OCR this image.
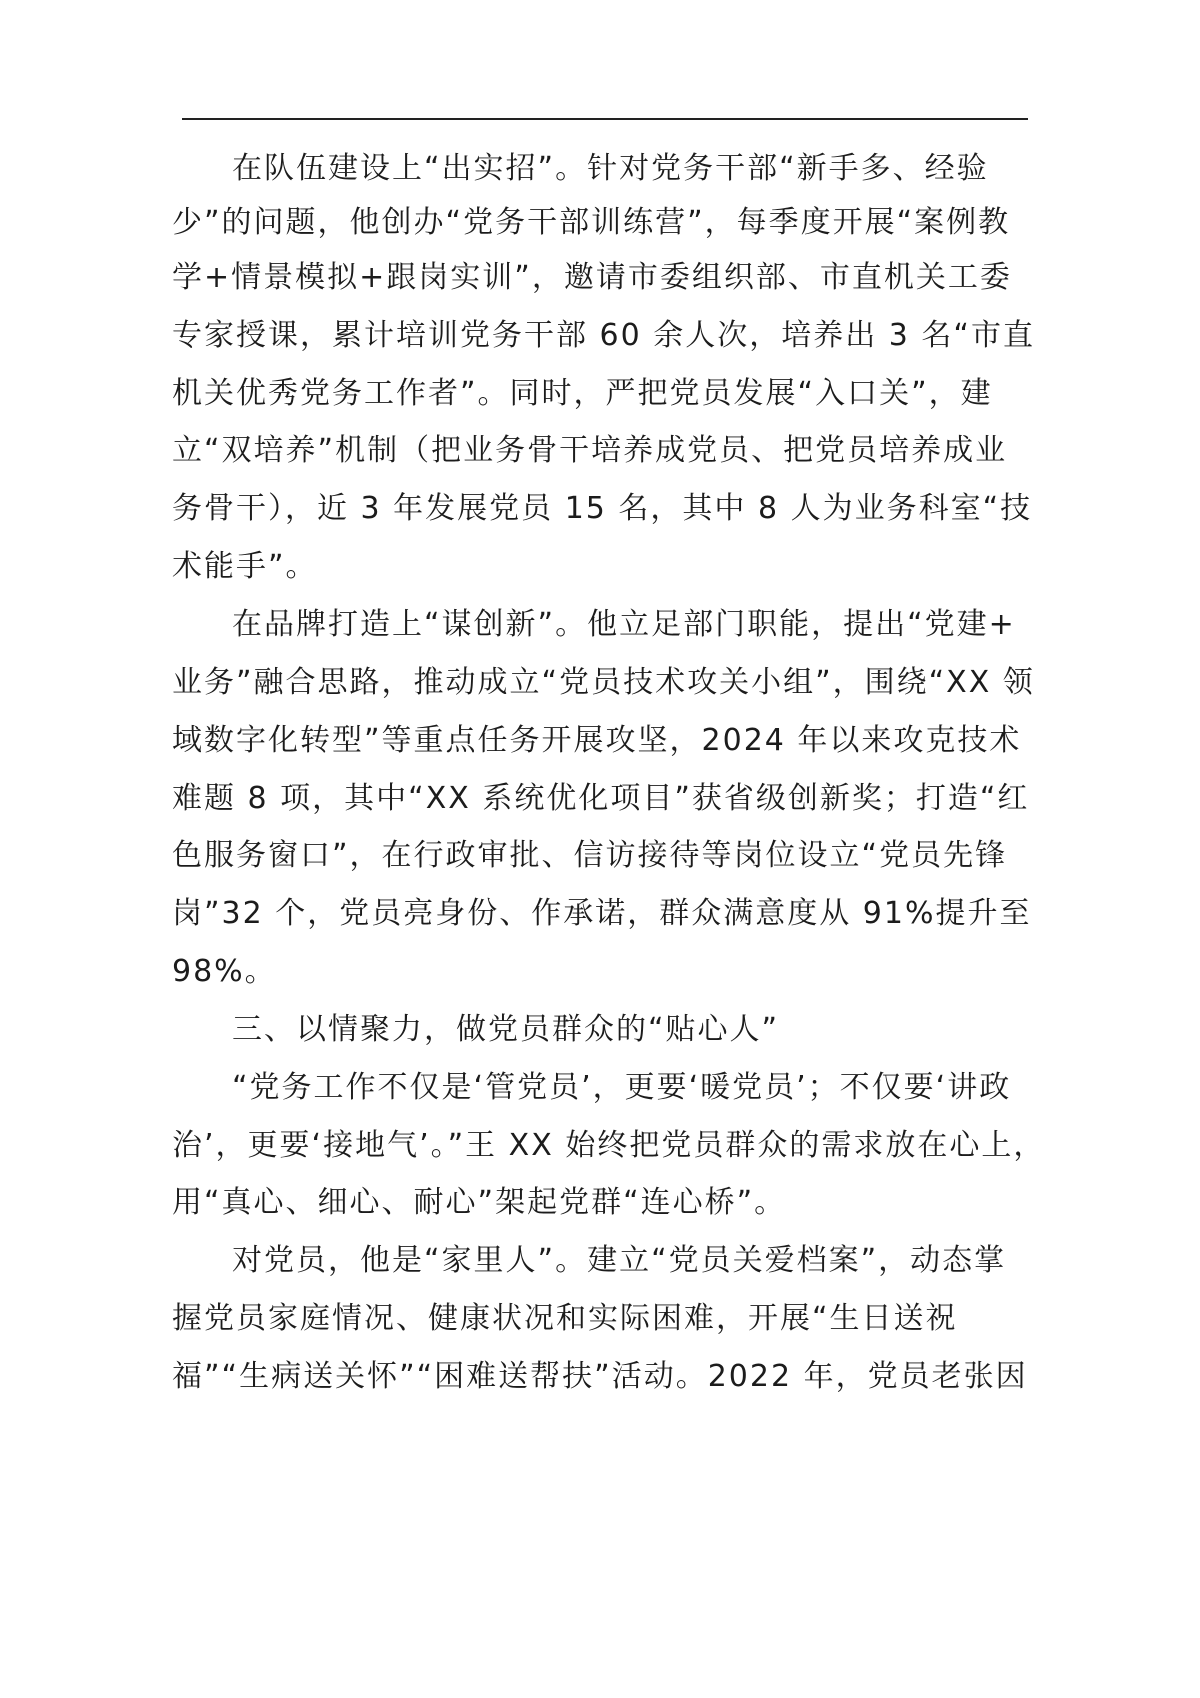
在队伍建设上“出实招”。针对党务干部“新手多、经验
少”的问题，他创办“党务干部训练营”，每季度开展“案例教
学+情景模拟+跟岗实训”，邀请市委组织部、市直机关工委
专家授课，累计培训党务干部 60 余人次，培养出 3 名“市直
机关优秀党务工作者”。同时，严把党员发展“入口关”，建
立“双培养”机制（把业务骨干培养成党员、把党员培养成业
务骨干），近 3 年发展党员 15 名，其中 8 人为业务科室“技
术能手”。
在品牌打造上“谋创新”。他立足部门职能，提出“党建+
业务”融合思路，推动成立“党员技术攻关小组”，围绕“XX 领
域数字化转型”等重点任务开展攻坚，2024 年以来攻克技术
难题 8 项，其中“XX 系统优化项目”获省级创新奖；打造“红
色服务窗口”，在行政审批、信访接待等岗位设立“党员先锋
岗”32 个，党员亮身份、作承诺，群众满意度从 91%提升至
98%。
三、以情聚力，做党员群众的“贴心人”
“党务工作不仅是‘管党员’，更要‘暖党员’；不仅要‘讲政
治’，更要‘接地气’。”王 XX 始终把党员群众的需求放在心上，
用“真心、细心、耐心”架起党群“连心桥”。
对党员，他是“家里人”。建立“党员关爱档案”，动态掌
握党员家庭情况、健康状况和实际困难，开展“生日送祝
福”“生病送关怀”“困难送帮扶”活动。2022 年，党员老张因
